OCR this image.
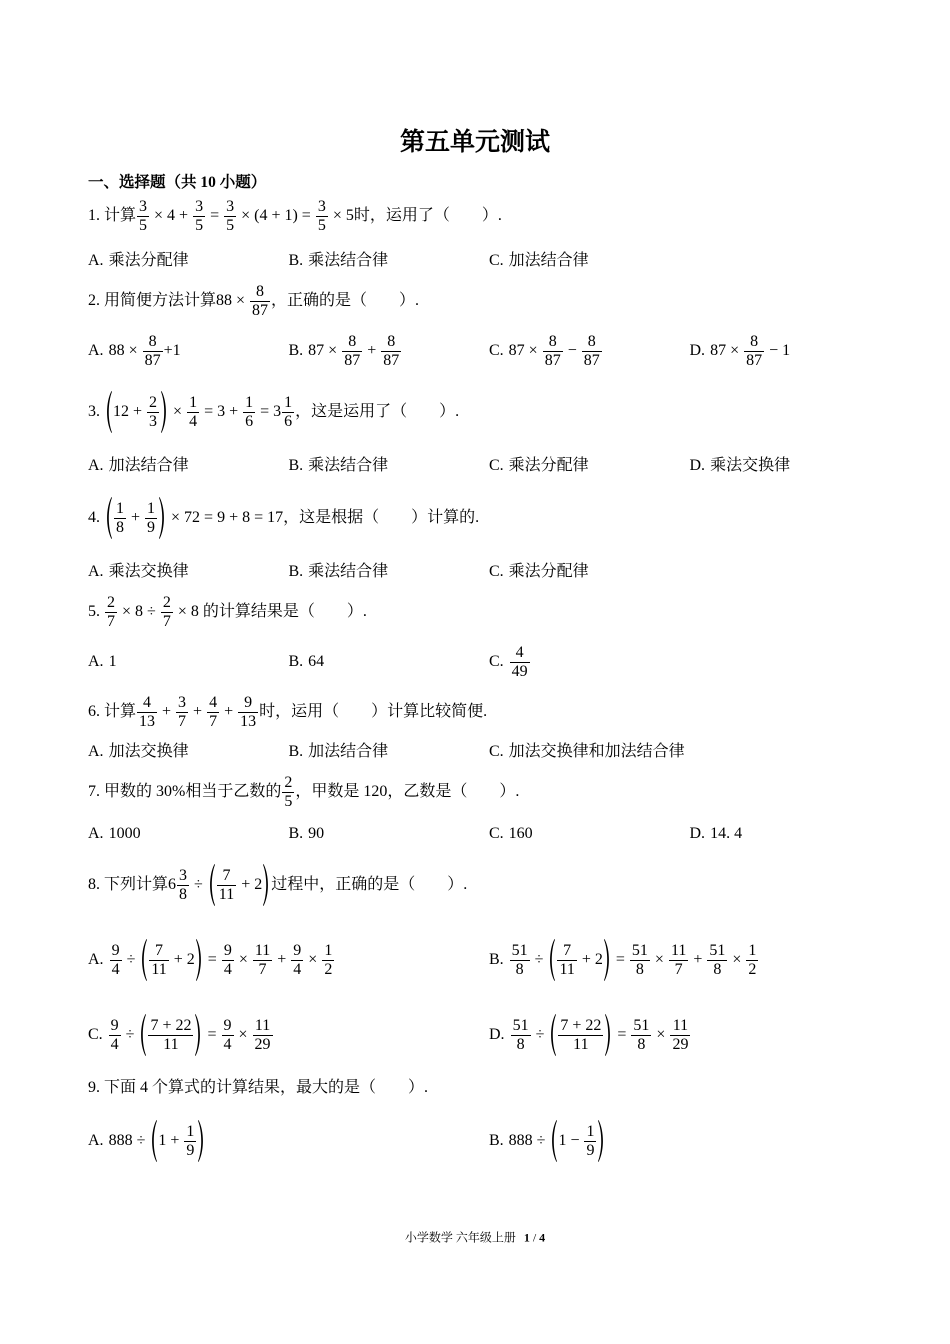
第五单元测试
一、选择题（共 10 小题）
1. 计算 $\frac{3}{5} \times 4 + \frac{3}{5} = \frac{3}{5} \times (4 + 1) = \frac{3}{5} \times 5$时，运用了（　　）.
A. 乘法分配律	B. 乘法结合律	C. 加法结合律
2. 用简便方法计算$88 \times \frac{8}{87}$ ，正确的是（　　）.
A. $88 \times \frac{8}{87} +1$	B. $87 \times \frac{8}{87} + \frac{8}{87}$	C. $87 \times \frac{8}{87} - \frac{8}{87}$	D. $87 \times \frac{8}{87} - 1$
3. $12 + \frac{2}{3} \times \frac{1}{4} = 3 + \frac{1}{6} = 3 \frac{1}{6}$ ，这是运用了（　　）.
A. 加法结合律	B. 乘法结合律	C. 乘法分配律	D. 乘法交换律
4. $\frac{1}{8} + \frac{1}{9} \times 72 = 9 + 8 = 17$，这是根据（　　）计算的.
A. 乘法交换律	B. 乘法结合律	C. 乘法分配律
5. $\frac{2}{7} \times 8 \div \frac{2}{7} \times 8$ 的计算结果是（　　）.
A. 1	B. 64	C. $\frac{4}{49}$
6. 计算 $\frac{4}{13} + \frac{3}{7} + \frac{4}{7} + \frac{9}{13}$ 时，运用（　　）计算比较简便.
A. 加法交换律	B. 加法结合律	C. 加法交换律和加法结合律
7. 甲数的 30%相当于乙数的 $\frac{2}{5}$ ，甲数是 120，乙数是（　　）.
A. 1000	B. 90	C. 160	D. 14. 4
8. 下列计算 $6 \frac{3}{8} \div \frac{7}{11} + 2$ 过程中，正确的是（　　）.
A. $\frac{9}{4} \div \frac{7}{11} + 2 = \frac{9}{4} \times \frac{11}{7} + \frac{9}{4} \times \frac{1}{2}$	B. $\frac{51}{8} \div \frac{7}{11} + 2 = \frac{51}{8} \times \frac{11}{7} + \frac{51}{8} \times \frac{1}{2}$
C. $\frac{9}{4} \div \frac{7 + 22}{11} = \frac{9}{4} \times \frac{11}{29}$	D. $\frac{51}{8} \div \frac{7 + 22}{11} = \frac{51}{8} \times \frac{11}{29}$
9. 下面 4 个算式的计算结果，最大的是（　　）.
A. $888 \div 1 + \frac{1}{9}$	B. $888 \div 1 - \frac{1}{9}$
小学数学 六年级上册 1 / 4
